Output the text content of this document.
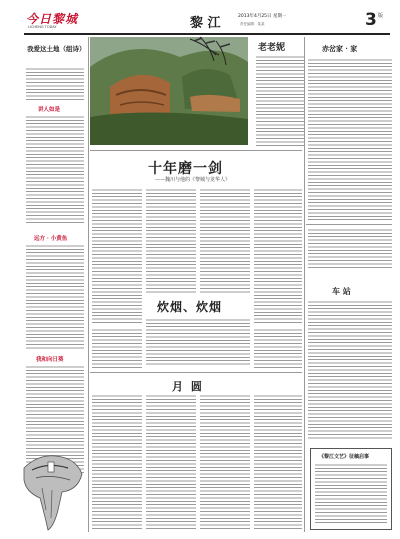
今日黎城
LICHENG TODAY	黎 江	2013年4月25日 星期一
责任编辑：某某	3 版
我爱这土地（组诗）
讲人如是
远方 · 小黄鱼
我和向日葵
老老妮
十年磨一剑
——魏川与他的《黎城与龙华人》
炊烟、炊烟
月 圆
赤岔家 · 家
车 站
《黎江文艺》征稿启事
